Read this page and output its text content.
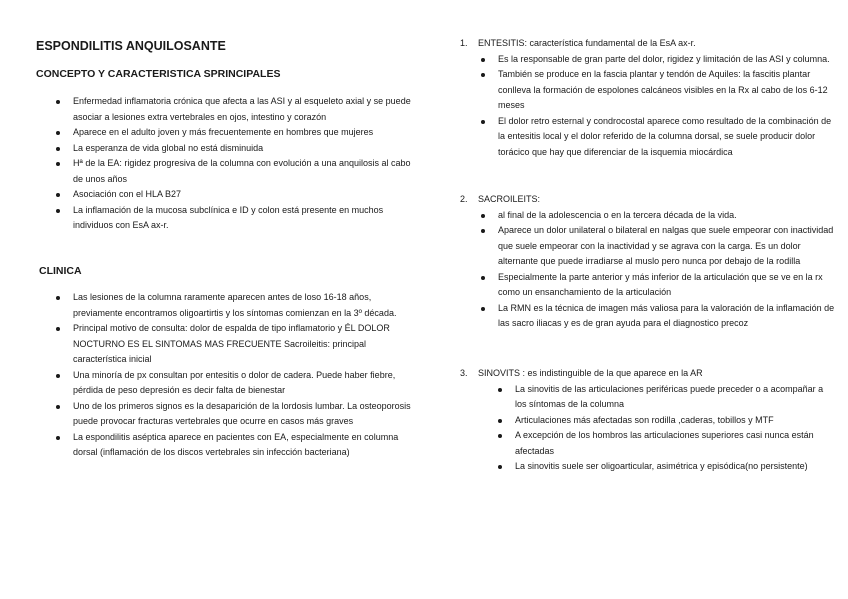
ESPONDILITIS ANQUILOSANTE
CONCEPTO Y CARACTERISTICA SPRINCIPALES
Enfermedad inflamatoria crónica que afecta a las ASI y al esqueleto axial y se puede asociar a lesiones extra vertebrales en ojos, intestino y corazón
Aparece en el adulto joven y más frecuentemente en hombres que mujeres
La esperanza de vida global no está disminuida
Hª de la EA: rigidez progresiva de la columna con evolución a una anquilosis al cabo de unos años
Asociación con el HLA B27
La inflamación de la mucosa subclínica e ID y colon está presente en muchos individuos con EsA ax-r.
CLINICA
Las lesiones de la columna raramente aparecen antes de loso 16-18 años, previamente encontramos oligoartirtis y los síntomas comienzan en la 3º década.
Principal motivo de consulta: dolor de espalda de tipo inflamatorio y ÉL DOLOR NOCTURNO ES EL SINTOMAS MAS FRECUENTE Sacroileitis: principal característica inicial
Una minoría de px consultan por entesitis o dolor de cadera. Puede haber fiebre, pérdida de peso depresión es decir falta de bienestar
Uno de los primeros signos es la desaparición de la lordosis lumbar. La osteoporosis puede provocar fracturas vertebrales que ocurre en casos más graves
La espondilitis aséptica aparece en pacientes con EA, especialmente en columna dorsal (inflamación de los discos vertebrales sin infección bacteriana)
1. ENTESITIS: característica fundamental de la EsA ax-r.
Es la responsable de gran parte del dolor, rigidez y limitación de las ASI y columna.
También se produce en la fascia plantar y tendón de Aquiles: la fascitis plantar conlleva la formación de espolones calcáneos visibles en la Rx al cabo de los 6-12 meses
El dolor retro esternal y condrocostal aparece como resultado de la combinación de la entesitis local y el dolor referido de la columna dorsal, se suele producir dolor torácico que hay que diferenciar de la isquemia miocárdica
2. SACROILEITS:
al final de la adolescencia o en la tercera década de la vida.
Aparece un dolor unilateral o bilateral en nalgas que suele empeorar con inactividad que suele empeorar con la inactividad y se agrava con la carga. Es un dolor alternante que puede irradiarse al muslo pero nunca por debajo de la rodilla
Especialmente la parte anterior y más inferior de la articulación que se ve en la rx como un ensanchamiento de la articulación
La RMN es la técnica de imagen más valiosa para la valoración de la inflamación de las sacro iliacas y es de gran ayuda para el diagnostico precoz
3. SINOVITS : es indistinguible de la que aparece en la AR
La sinovitis de las articulaciones periféricas puede preceder o a acompañar a los síntomas de la columna
Articulaciones más afectadas son rodilla ,caderas, tobillos y MTF
A excepción de los hombros las articulaciones superiores casi nunca están afectadas
La sinovitis suele ser oligoarticular, asimétrica y episódica(no persistente)
